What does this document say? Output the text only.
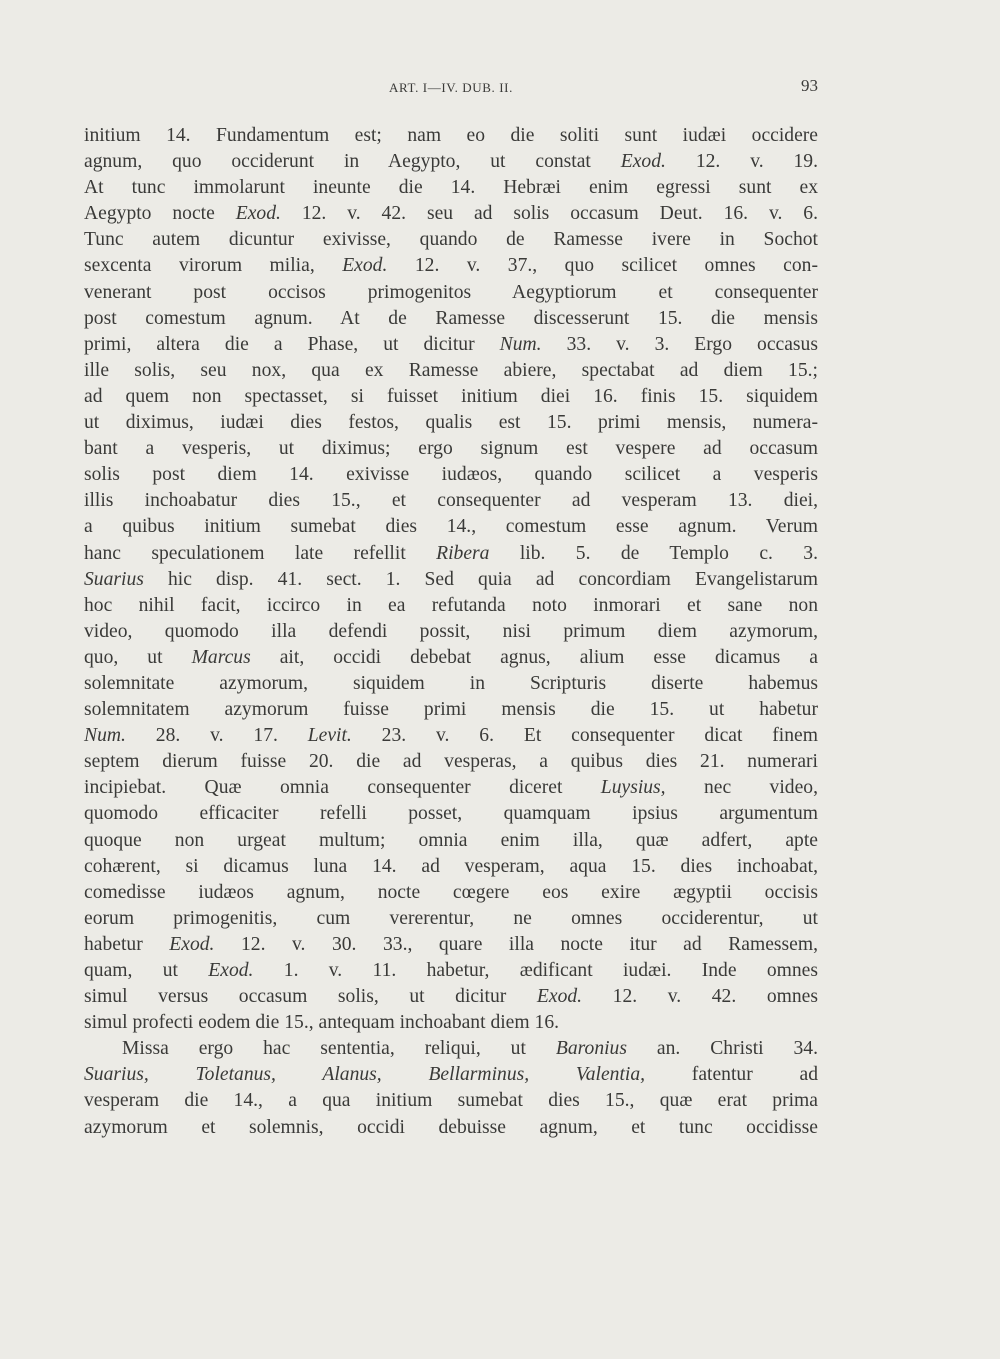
ART. I—IV. DUB. II.	93
initium 14. Fundamentum est; nam eo die soliti sunt iudæi occidere
agnum, quo occiderunt in Aegypto, ut constat Exod. 12. v. 19.
At tunc immolarunt ineunte die 14. Hebræi enim egressi sunt ex
Aegypto nocte Exod. 12. v. 42. seu ad solis occasum Deut. 16. v. 6.
Tunc autem dicuntur exivisse, quando de Ramesse ivere in Sochot
sexcenta virorum milia, Exod. 12. v. 37., quo scilicet omnes con-
venerant post occisos primogenitos Aegyptiorum et consequenter
post comestum agnum. At de Ramesse discesserunt 15. die mensis
primi, altera die a Phase, ut dicitur Num. 33. v. 3. Ergo occasus
ille solis, seu nox, qua ex Ramesse abiere, spectabat ad diem 15.;
ad quem non spectasset, si fuisset initium diei 16. finis 15. siquidem
ut diximus, iudæi dies festos, qualis est 15. primi mensis, numera-
bant a vesperis, ut diximus; ergo signum est vespere ad occasum
solis post diem 14. exivisse iudæos, quando scilicet a vesperis
illis inchoabatur dies 15., et consequenter ad vesperam 13. diei,
a quibus initium sumebat dies 14., comestum esse agnum. Verum
hanc speculationem late refellit Ribera lib. 5. de Templo c. 3.
Suarius hic disp. 41. sect. 1. Sed quia ad concordiam Evangelistarum
hoc nihil facit, iccirco in ea refutanda noto inmorari et sane non
video, quomodo illa defendi possit, nisi primum diem azymorum,
quo, ut Marcus ait, occidi debebat agnus, alium esse dicamus a
solemnitate azymorum, siquidem in Scripturis diserte habemus
solemnitatem azymorum fuisse primi mensis die 15. ut habetur
Num. 28. v. 17. Levit. 23. v. 6. Et consequenter dicat finem
septem dierum fuisse 20. die ad vesperas, a quibus dies 21. numerari
incipiebat. Quæ omnia consequenter diceret Luysius, nec video,
quomodo efficaciter refelli posset, quamquam ipsius argumentum
quoque non urgeat multum; omnia enim illa, quæ adfert, apte
cohærent, si dicamus luna 14. ad vesperam, aqua 15. dies inchoabat,
comedisse iudæos agnum, nocte cœgere eos exire ægyptii occisis
eorum primogenitis, cum vererentur, ne omnes occiderentur, ut
habetur Exod. 12. v. 30. 33., quare illa nocte itur ad Ramessem,
quam, ut Exod. 1. v. 11. habetur, ædificant iudæi. Inde omnes
simul versus occasum solis, ut dicitur Exod. 12. v. 42. omnes
simul profecti eodem die 15., antequam inchoabant diem 16.
Missa ergo hac sententia, reliqui, ut Baronius an. Christi 34.
Suarius, Toletanus, Alanus, Bellarminus, Valentia, fatentur ad
vesperam die 14., a qua initium sumebat dies 15., quæ erat prima
azymorum et solemnis, occidi debuisse agnum, et tunc occidisse
